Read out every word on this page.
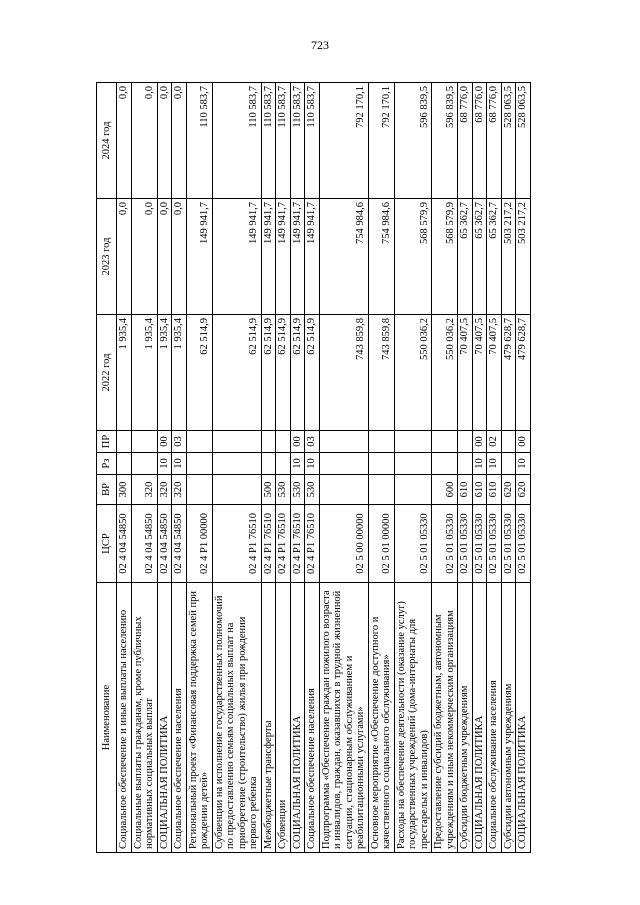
723
Наименование	ЦСР	ВР	Рз	ПР	2022 год	2023 год	2024 год
Социальное обеспечение и иные выплаты населению	02 4 04 54850	300			1 935,4	0,0	0,0
Социальные выплаты гражданам, кроме публичных нормативных социальных выплат	02 4 04 54850	320			1 935,4	0,0	0,0
СОЦИАЛЬНАЯ ПОЛИТИКА	02 4 04 54850	320	10	00	1 935,4	0,0	0,0
Социальное обеспечение населения	02 4 04 54850	320	10	03	1 935,4	0,0	0,0
Региональный проект «Финансовая поддержка семей при рождении детей»	02 4 P1 00000				62 514,9	149 941,7	110 583,7
Субвенции на исполнение государственных полномочий по предоставлению семьям социальных выплат на приобретение (строительство) жилья при рождении первого ребенка	02 4 P1 76510				62 514,9	149 941,7	110 583,7
Межбюджетные трансферты	02 4 P1 76510	500			62 514,9	149 941,7	110 583,7
Субвенции	02 4 P1 76510	530			62 514,9	149 941,7	110 583,7
СОЦИАЛЬНАЯ ПОЛИТИКА	02 4 P1 76510	530	10	00	62 514,9	149 941,7	110 583,7
Социальное обеспечение населения	02 4 P1 76510	530	10	03	62 514,9	149 941,7	110 583,7
Подпрограмма «Обеспечение граждан пожилого возраста и инвалидов, граждан, оказавшихся в трудной жизненной ситуации, стационарным обслуживанием и реабилитационными услугами»	02 5 00 00000				743 859,8	754 984,6	792 170,1
Основное мероприятие «Обеспечение доступного и качественного социального обслуживания»	02 5 01 00000				743 859,8	754 984,6	792 170,1
Расходы на обеспечение деятельности (оказание услуг) государственных учреждений (дома-интернаты для престарелых и инвалидов)	02 5 01 05330				550 036,2	568 579,9	596 839,5
Предоставление субсидий бюджетным, автономным учреждениям и иным некоммерческим организациям	02 5 01 05330	600			550 036,2	568 579,9	596 839,5
Субсидии бюджетным учреждениям	02 5 01 05330	610			70 407,5	65 362,7	68 776,0
СОЦИАЛЬНАЯ ПОЛИТИКА	02 5 01 05330	610	10	00	70 407,5	65 362,7	68 776,0
Социальное обслуживание населения	02 5 01 05330	610	10	02	70 407,5	65 362,7	68 776,0
Субсидии автономным учреждениям	02 5 01 05330	620			479 628,7	503 217,2	528 063,5
СОЦИАЛЬНАЯ ПОЛИТИКА	02 5 01 05330	620	10	00	479 628,7	503 217,2	528 063,5
